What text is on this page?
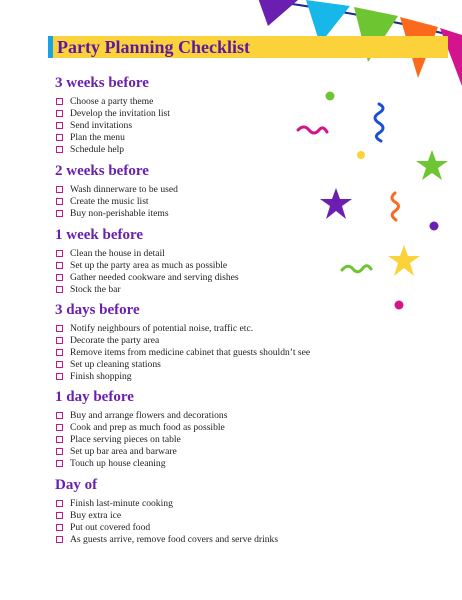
Party Planning Checklist
3 weeks before
Choose a party theme
Develop the invitation list
Send invitations
Plan the menu
Schedule help
2 weeks before
Wash dinnerware to be used
Create the music list
Buy non-perishable items
1 week before
Clean the house in detail
Set up the party area as much as possible
Gather needed cookware and serving dishes
Stock the bar
3 days before
Notify neighbours of potential noise, traffic etc.
Decorate the party area
Remove items from medicine cabinet that guests shouldn’t see
Set up cleaning stations
Finish shopping
1 day before
Buy and arrange flowers and decorations
Cook and prep as much food as possible
Place serving pieces on table
Set up bar area and barware
Touch up house cleaning
Day of
Finish last-minute cooking
Buy extra ice
Put out covered food
As guests arrive, remove food covers and serve drinks
